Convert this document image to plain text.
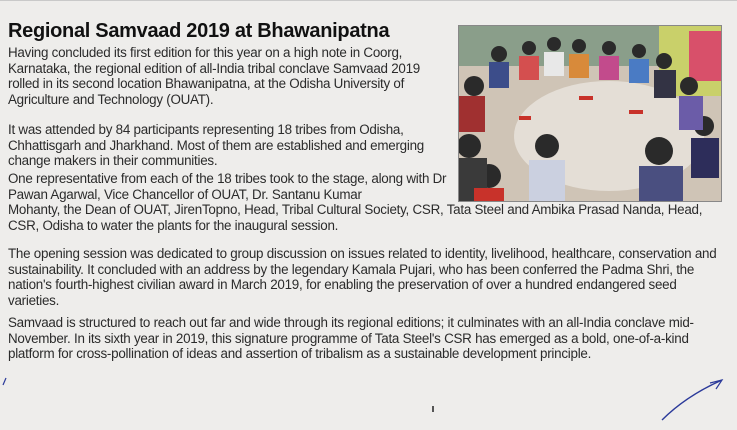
Regional Samvaad 2019 at Bhawanipatna

Having concluded its first edition for this year on a high note in Coorg, Karnataka, the regional edition of all-India tribal conclave Samvaad 2019 rolled in its second location Bhawanipatna, at the Odisha University of Agriculture and Technology (OUAT).

It was attended by 84 participants representing 18 tribes from Odisha, Chhattisgarh and Jharkhand. Most of them are established and emerging change makers in their communities.

One representative from each of the 18 tribes took to the stage, along with Dr Pawan Agarwal, Vice Chancellor of OUAT, Dr. Santanu Kumar
Mohanty, the Dean of OUAT, JirenTopno, Head, Tribal Cultural Society, CSR, Tata Steel and Ambika Prasad Nanda, Head, CSR, Odisha to water the plants for the inaugural session.

The opening session was dedicated to group discussion on issues related to identity, livelihood, healthcare, conservation and sustainability. It concluded with an address by the legendary Kamala Pujari, who has been conferred the Padma Shri, the nation's fourth-highest civilian award in March 2019, for enabling the preservation of over a hundred endangered seed varieties.

Samvaad is structured to reach out far and wide through its regional editions; it culminates with an all-India conclave mid-November. In its sixth year in 2019, this signature programme of Tata Steel's CSR has emerged as a bold, one-of-a-kind platform for cross-pollination of ideas and assertion of tribalism as a sustainable development principle.
